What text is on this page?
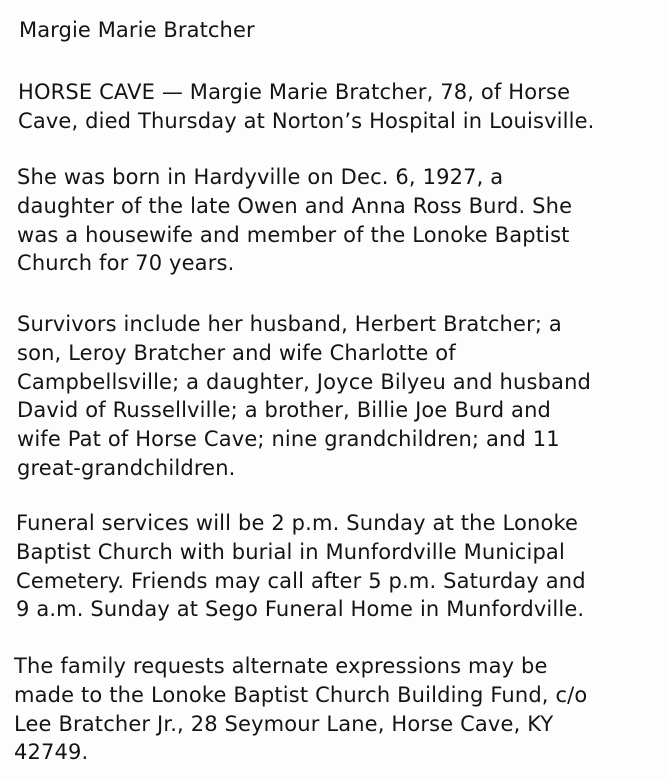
Margie Marie Bratcher
HORSE CAVE — Margie Marie Bratcher, 78, of Horse
Cave, died Thursday at Norton’s Hospital in Louisville.
She was born in Hardyville on Dec. 6, 1927, a
daughter of the late Owen and Anna Ross Burd. She
was a housewife and member of the Lonoke Baptist
Church for 70 years.
Survivors include her husband, Herbert Bratcher; a
son, Leroy Bratcher and wife Charlotte of
Campbellsville; a daughter, Joyce Bilyeu and husband
David of Russellville; a brother, Billie Joe Burd and
wife Pat of Horse Cave; nine grandchildren; and 11
great-grandchildren.
Funeral services will be 2 p.m. Sunday at the Lonoke
Baptist Church with burial in Munfordville Municipal
Cemetery. Friends may call after 5 p.m. Saturday and
9 a.m. Sunday at Sego Funeral Home in Munfordville.
The family requests alternate expressions may be
made to the Lonoke Baptist Church Building Fund, c/o
Lee Bratcher Jr., 28 Seymour Lane, Horse Cave, KY
42749.
